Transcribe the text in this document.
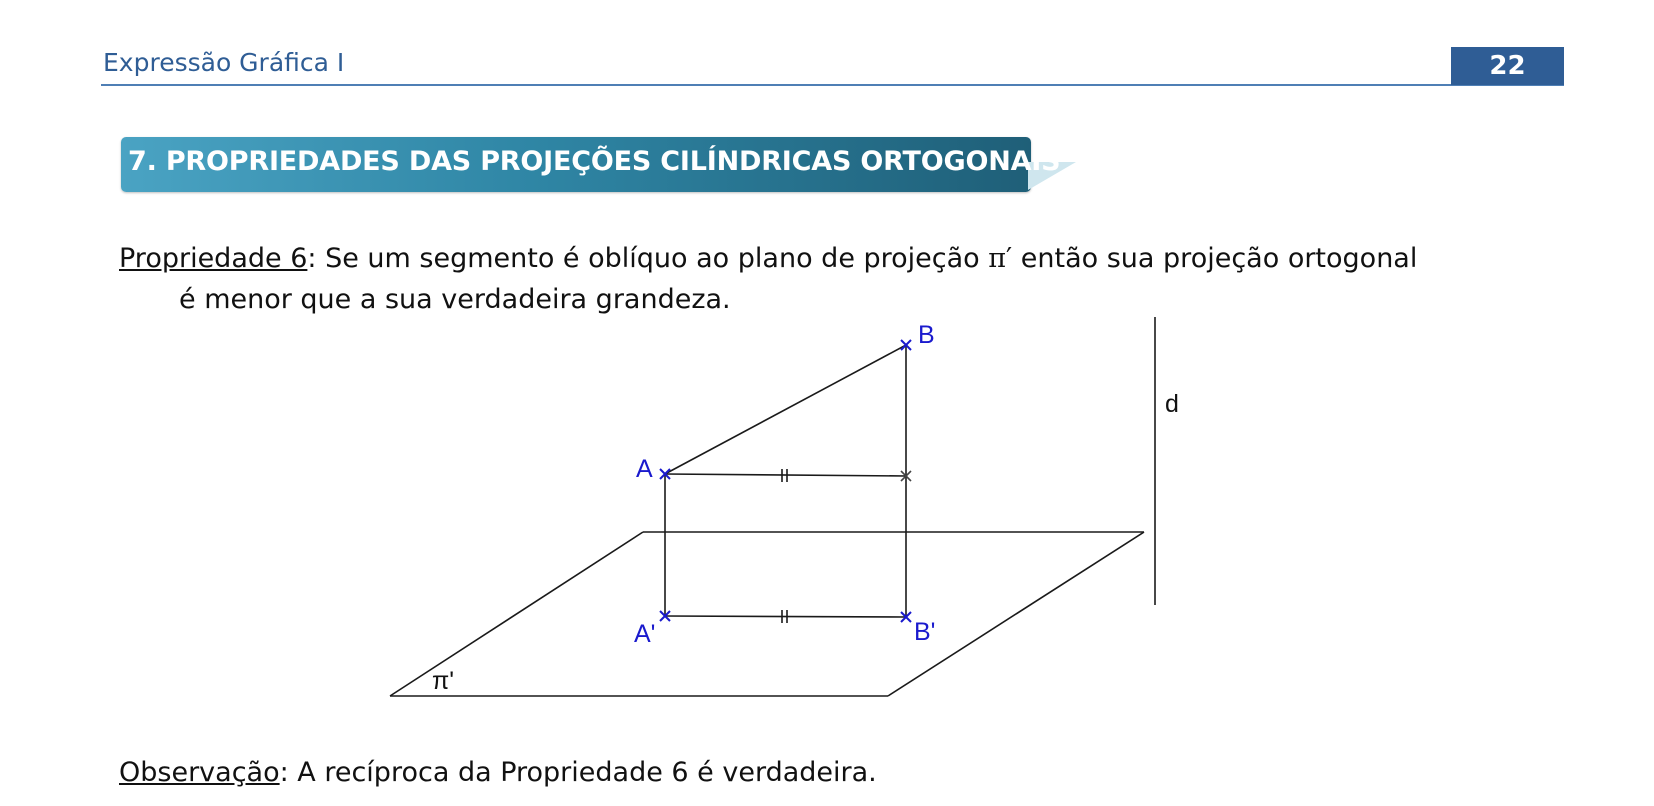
Expressão Gráfica I	22
7. PROPRIEDADES DAS PROJEÇÕES CILÍNDRICAS ORTOGONAIS
Propriedade 6: Se um segmento é oblíquo ao plano de projeção π′ então sua projeção ortogonal
é menor que a sua verdadeira grandeza.
A
B
A'	B'
π'
d
Observação: A recíproca da Propriedade 6 é verdadeira.
